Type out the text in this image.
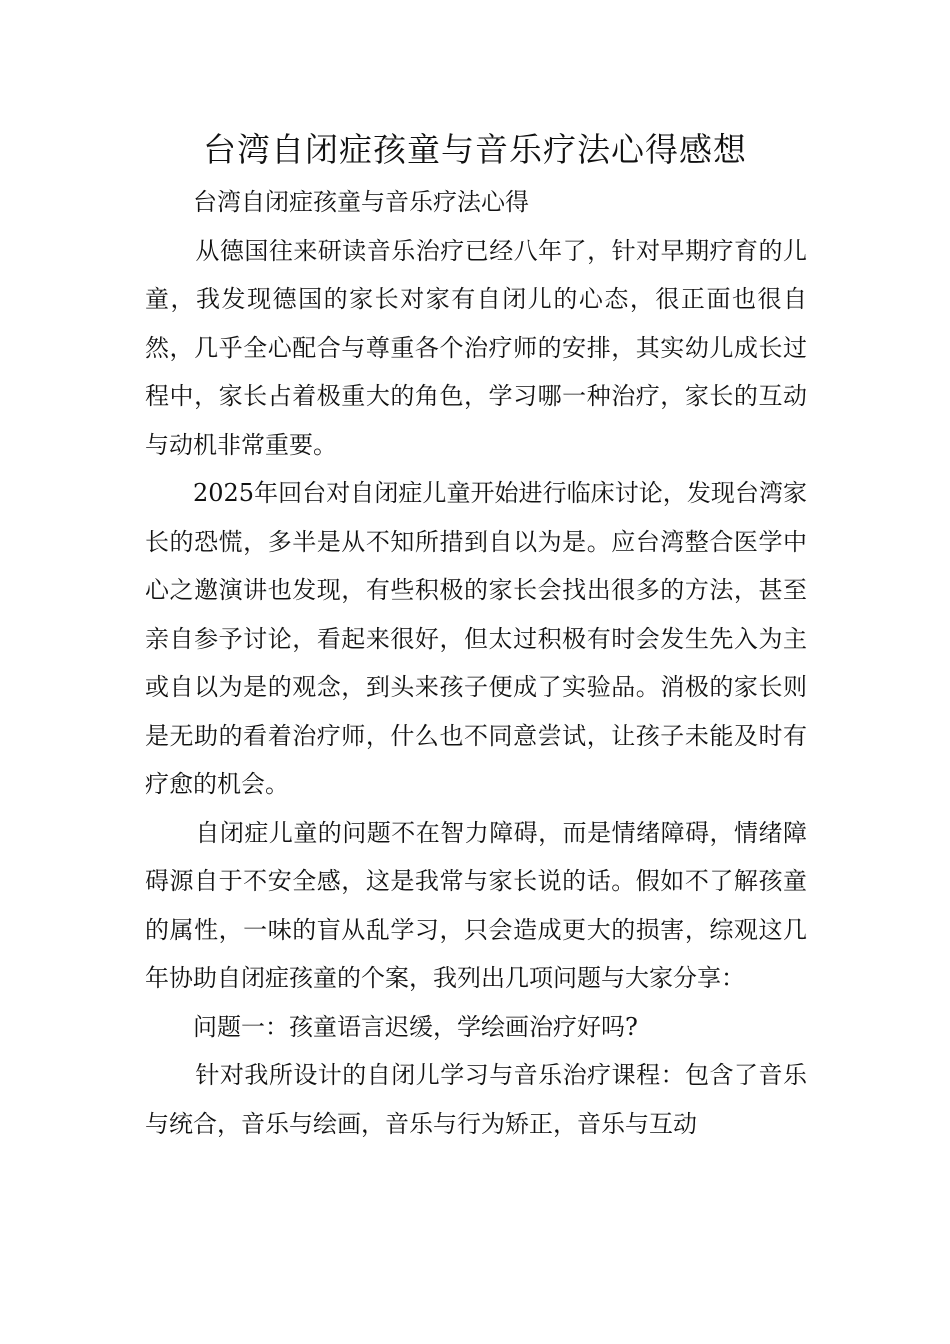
台湾自闭症孩童与音乐疗法心得感想

台湾自闭症孩童与音乐疗法心得

从德国往来研读音乐治疗已经八年了，针对早期疗育的儿童，我发现德国的家长对家有自闭儿的心态，很正面也很自然，几乎全心配合与尊重各个治疗师的安排，其实幼儿成长过程中，家长占着极重大的角色，学习哪一种治疗，家长的互动与动机非常重要。

2025年回台对自闭症儿童开始进行临床讨论，发现台湾家长的恐慌，多半是从不知所措到自以为是。应台湾整合医学中心之邀演讲也发现，有些积极的家长会找出很多的方法，甚至亲自参予讨论，看起来很好，但太过积极有时会发生先入为主或自以为是的观念，到头来孩子便成了实验品。消极的家长则是无助的看着治疗师，什么也不同意尝试，让孩子未能及时有疗愈的机会。

自闭症儿童的问题不在智力障碍，而是情绪障碍，情绪障碍源自于不安全感，这是我常与家长说的话。假如不了解孩童的属性，一味的盲从乱学习，只会造成更大的损害，综观这几年协助自闭症孩童的个案，我列出几项问题与大家分享：

问题一：孩童语言迟缓，学绘画治疗好吗?

针对我所设计的自闭儿学习与音乐治疗课程：包含了音乐与统合，音乐与绘画，音乐与行为矫正，音乐与互动
